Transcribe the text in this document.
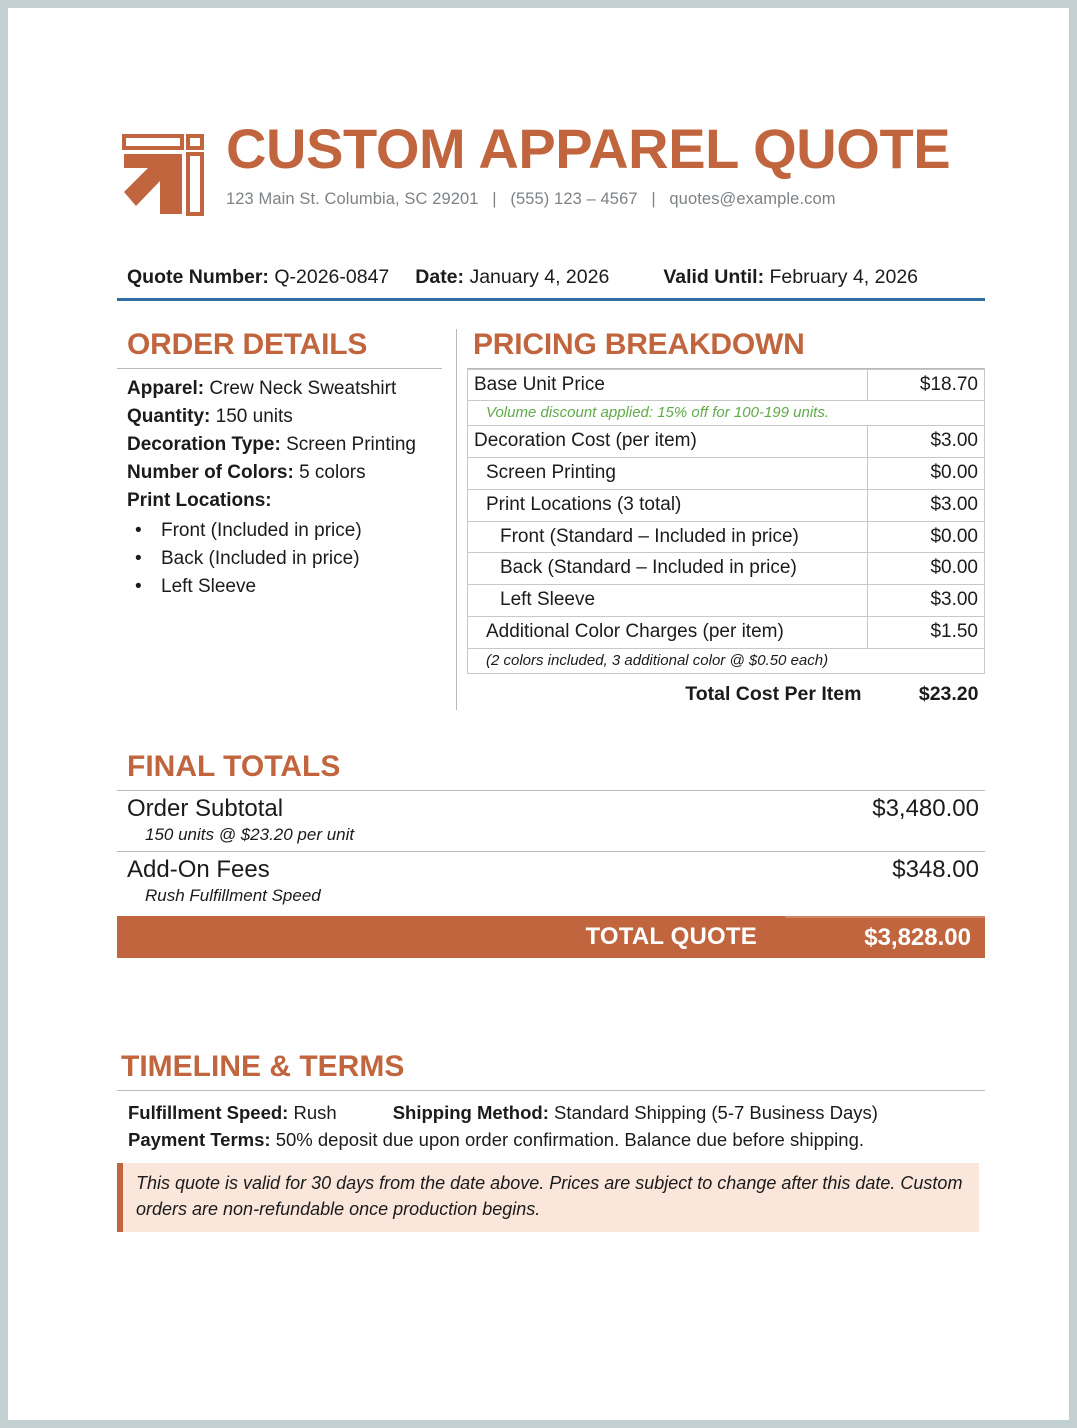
CUSTOM APPAREL QUOTE
123 Main St. Columbia, SC 29201 | (555) 123 – 4567 | quotes@example.com
Quote Number: Q-2026-0847 Date: January 4, 2026	Valid Until: February 4, 2026
ORDER DETAILS
Apparel: Crew Neck Sweatshirt
Quantity: 150 units
Decoration Type: Screen Printing
Number of Colors: 5 colors
Print Locations:
• Front (Included in price)
• Back (Included in price)
• Left Sleeve
PRICING BREAKDOWN
Base Unit Price	$18.70
Volume discount applied: 15% off for 100-199 units.	
Decoration Cost (per item)	$3.00
Screen Printing	$0.00
Print Locations (3 total)	$3.00
Front (Standard – Included in price)	$0.00
Back (Standard – Included in price)	$0.00
Left Sleeve	$3.00
Additional Color Charges (per item)	$1.50
(2 colors included, 3 additional color @ $0.50 each)	
Total Cost Per Item	$23.20
FINAL TOTALS
Order Subtotal	$3,480.00
150 units @ $23.20 per unit	
Add-On Fees	$348.00
Rush Fulfillment Speed	
TOTAL QUOTE	$3,828.00
TIMELINE & TERMS
Fulfillment Speed: Rush	Shipping Method: Standard Shipping (5-7 Business Days)
Payment Terms: 50% deposit due upon order confirmation. Balance due before shipping.
This quote is valid for 30 days from the date above. Prices are subject to change after this date. Custom orders are non-refundable once production begins.
